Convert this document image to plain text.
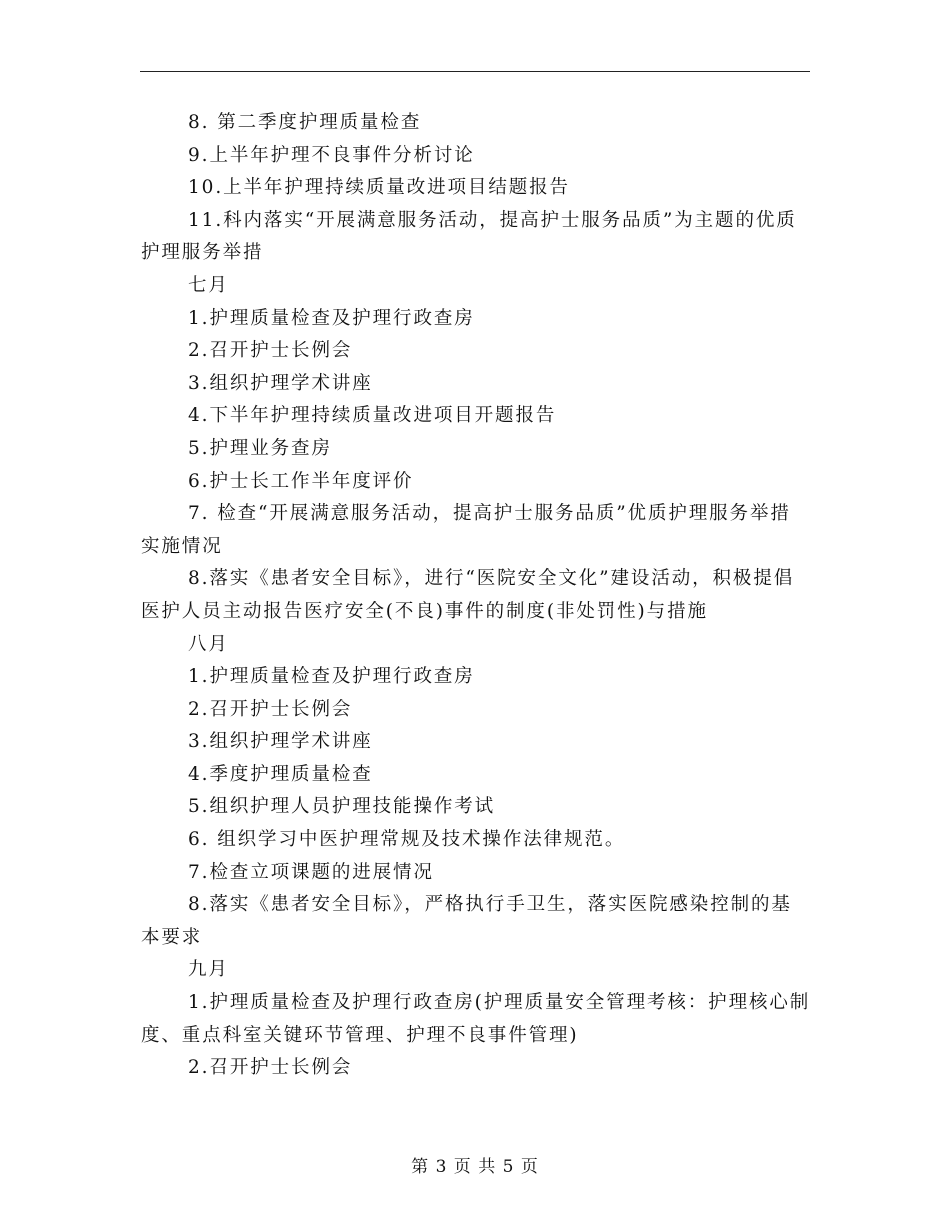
8. 第二季度护理质量检查

9.上半年护理不良事件分析讨论

10.上半年护理持续质量改进项目结题报告

11.科内落实“开展满意服务活动，提高护士服务品质”为主题的优质护理服务举措

七月

1.护理质量检查及护理行政查房

2.召开护士长例会

3.组织护理学术讲座

4.下半年护理持续质量改进项目开题报告

5.护理业务查房

6.护士长工作半年度评价

7. 检查“开展满意服务活动，提高护士服务品质”优质护理服务举措实施情况

8.落实《患者安全目标》，进行“医院安全文化”建设活动，积极提倡医护人员主动报告医疗安全(不良)事件的制度(非处罚性)与措施

八月

1.护理质量检查及护理行政查房

2.召开护士长例会

3.组织护理学术讲座

4.季度护理质量检查

5.组织护理人员护理技能操作考试

6. 组织学习中医护理常规及技术操作法律规范。

7.检查立项课题的进展情况

8.落实《患者安全目标》，严格执行手卫生，落实医院感染控制的基本要求

九月

1.护理质量检查及护理行政查房(护理质量安全管理考核：护理核心制度、重点科室关键环节管理、护理不良事件管理)

2.召开护士长例会

第 3 页 共 5 页
